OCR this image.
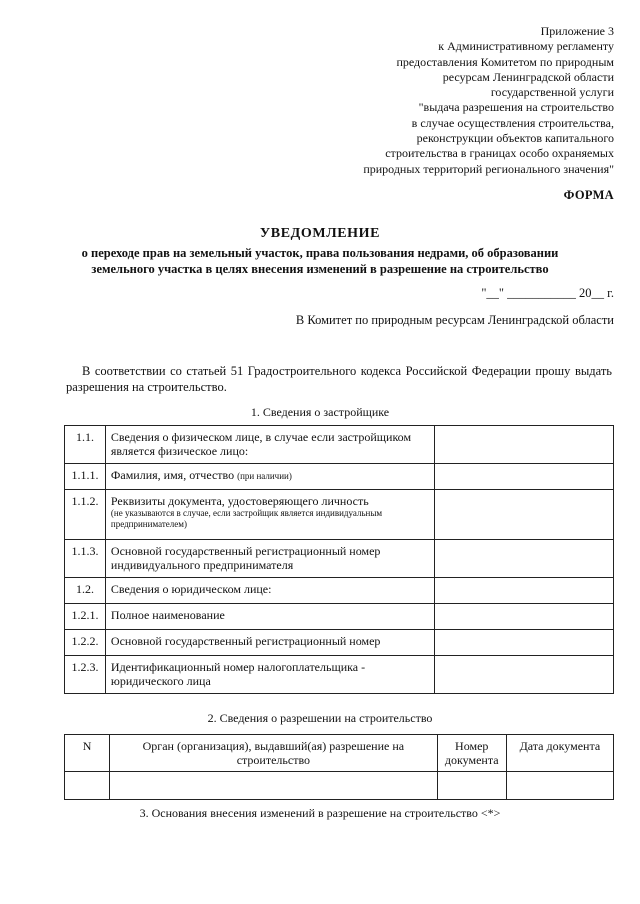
Приложение 3
к Административному регламенту
предоставления Комитетом по природным
ресурсам Ленинградской области
государственной услуги
"выдача разрешения на строительство
в случае осуществления строительства,
реконструкции объектов капитального
строительства в границах особо охраняемых
природных территорий регионального значения"
ФОРМА
УВЕДОМЛЕНИЕ
о переходе прав на земельный участок, права пользования недрами, об образовании
земельного участка в целях внесения изменений в разрешение на строительство
"__" ___________ 20__ г.
В Комитет по природным ресурсам Ленинградской области
В соответствии со статьей 51 Градостроительного кодекса Российской Федерации прошу выдать разрешения на строительство.
1. Сведения о застройщике
1.1.	Сведения о физическом лице, в случае если застройщиком является физическое лицо:	
1.1.1.	Фамилия, имя, отчество (при наличии)	
1.1.2.	Реквизиты документа, удостоверяющего личность
(не указываются в случае, если застройщик является индивидуальным предпринимателем)	

1.1.3.	Основной государственный регистрационный номер индивидуального предпринимателя	
1.2.	Сведения о юридическом лице:	
1.2.1.	Полное наименование	
1.2.2.	Основной государственный регистрационный номер	
1.2.3.	Идентификационный номер налогоплательщика - юридического лица	
2. Сведения о разрешении на строительство
N	Орган (организация), выдавший(ая) разрешение на строительство	Номер документа	Дата документа

3. Основания внесения изменений в разрешение на строительство <*>
